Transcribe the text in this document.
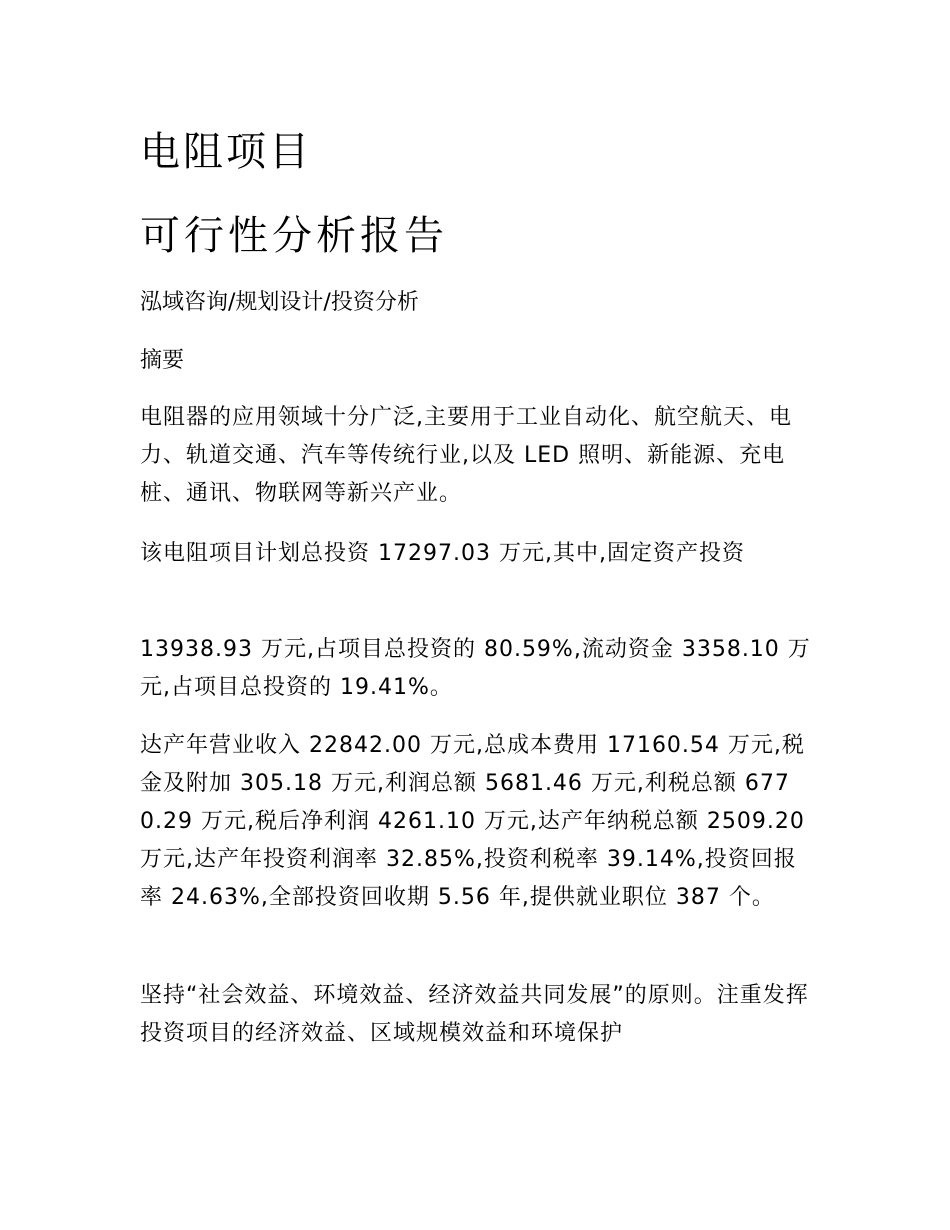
电阻项目
可行性分析报告

泓域咨询/规划设计/投资分析

摘要

电阻器的应用领域十分广泛,主要用于工业自动化、航空航天、电力、轨道交通、汽车等传统行业,以及 LED 照明、新能源、充电桩、通讯、物联网等新兴产业。

该电阻项目计划总投资 17297.03 万元,其中,固定资产投资

13938.93 万元,占项目总投资的 80.59%,流动资金 3358.10 万元,占项目总投资的 19.41%。

达产年营业收入 22842.00 万元,总成本费用 17160.54 万元,税金及附加 305.18 万元,利润总额 5681.46 万元,利税总额 6770.29 万元,税后净利润 4261.10 万元,达产年纳税总额 2509.20 万元,达产年投资利润率 32.85%,投资利税率 39.14%,投资回报率 24.63%,全部投资回收期 5.56 年,提供就业职位 387 个。

坚持“社会效益、环境效益、经济效益共同发展”的原则。注重发挥投资项目的经济效益、区域规模效益和环境保护
